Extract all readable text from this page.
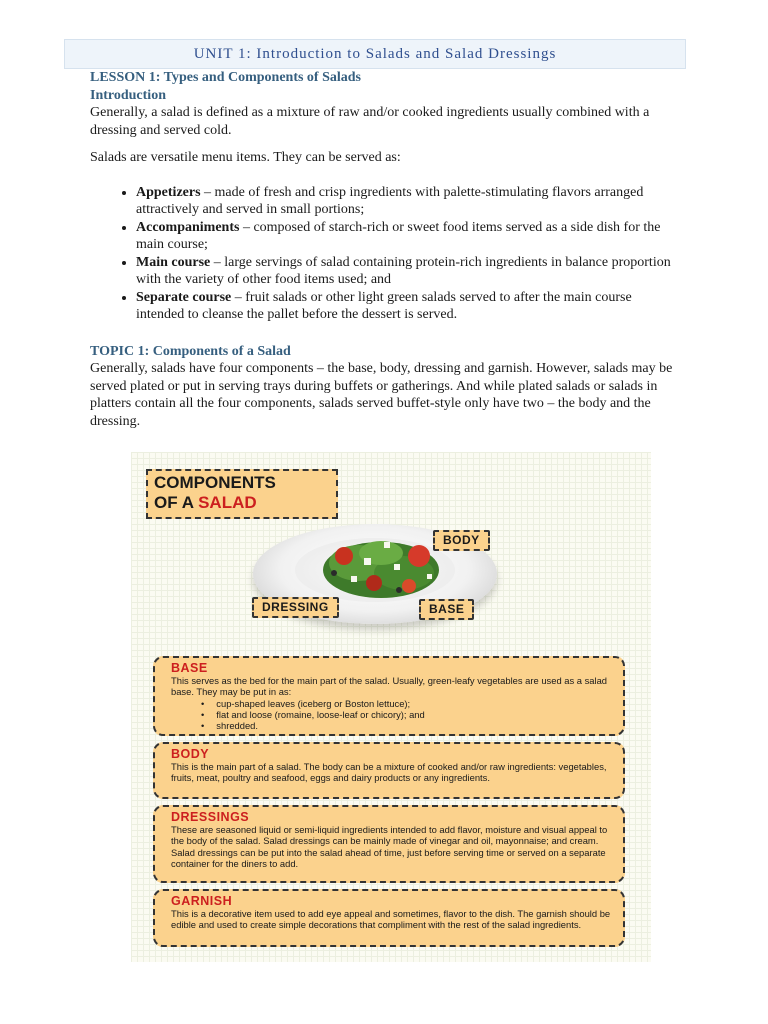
UNIT 1: Introduction to Salads and Salad Dressings
LESSON 1: Types and Components of Salads
Introduction

Generally, a salad is defined as a mixture of raw and/or cooked ingredients usually combined with a dressing and served cold.

Salads are versatile menu items. They can be served as:

• Appetizers – made of fresh and crisp ingredients with palette-stimulating flavors arranged attractively and served in small portions;
• Accompaniments – composed of starch-rich or sweet food items served as a side dish for the main course;
• Main course – large servings of salad containing protein-rich ingredients in balance proportion with the variety of other food items used; and
• Separate course – fruit salads or other light green salads served to after the main course intended to cleanse the pallet before the dessert is served.
TOPIC 1: Components of a Salad

Generally, salads have four components – the base, body, dressing and garnish. However, salads may be served plated or put in serving trays during buffets or gatherings. And while plated salads or salads in platters contain all the four components, salads served buffet-style only have two – the body and the dressing.

COMPONENTS
OF A SALAD
BODY
DRESSING	BASE
BASE

This serves as the bed for the main part of the salad. Usually, green-leafy vegetables are used as a salad base. They may be put in as:

• cup-shaped leaves (iceberg or Boston lettuce);
• flat and loose (romaine, loose-leaf or chicory); and
• shredded.
BODY

This is the main part of a salad. The body can be a mixture of cooked and/or raw ingredients: vegetables, fruits, meat, poultry and seafood, eggs and dairy products or any ingredients.

DRESSINGS

These are seasoned liquid or semi-liquid ingredients intended to add flavor, moisture and visual appeal to the body of the salad. Salad dressings can be mainly made of vinegar and oil, mayonnaise; and cream. Salad dressings can be put into the salad ahead of time, just before serving time or served on a separate container for the diners to add.

GARNISH

This is a decorative item used to add eye appeal and sometimes, flavor to the dish. The garnish should be edible and used to create simple decorations that compliment with the rest of the salad ingredients.
